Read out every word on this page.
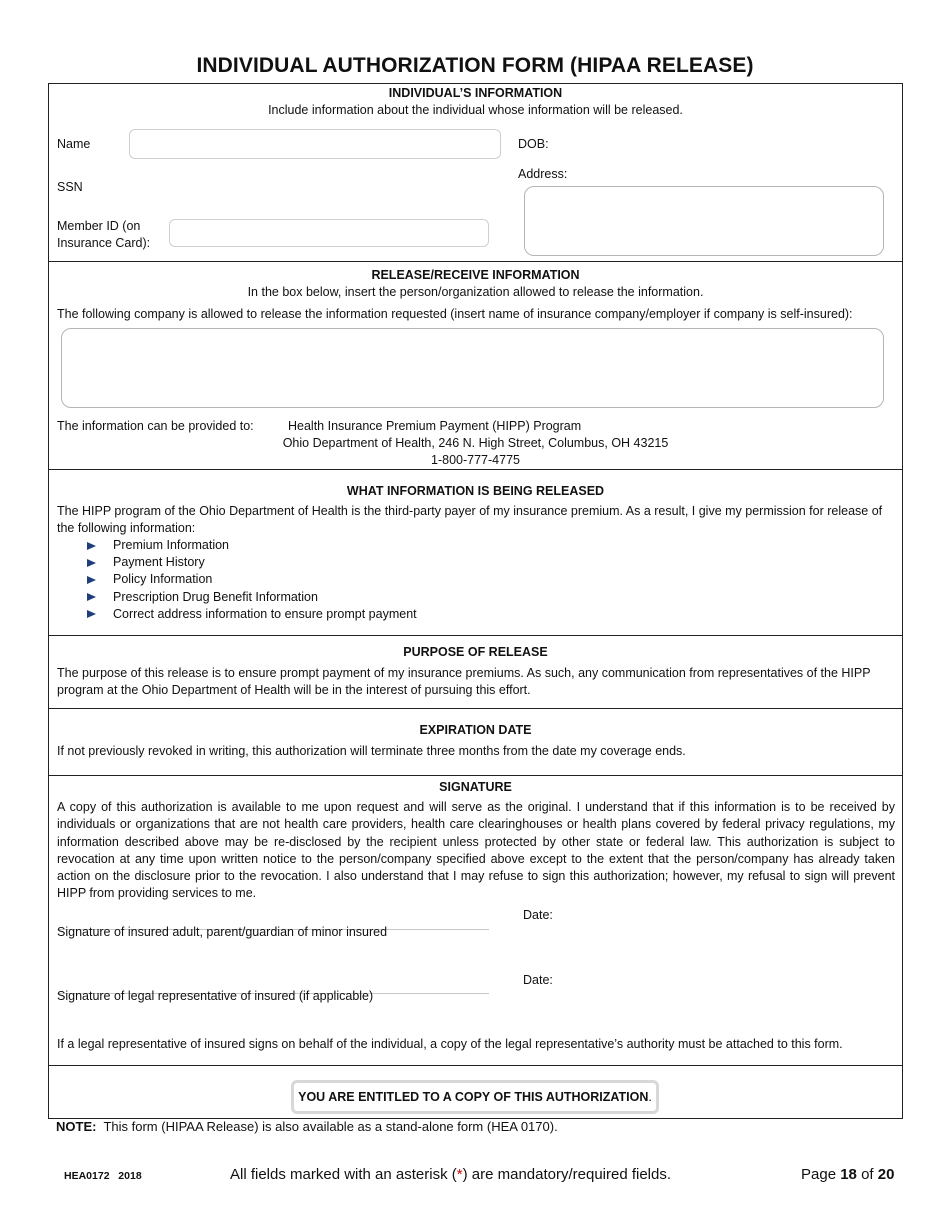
INDIVIDUAL AUTHORIZATION FORM (HIPAA RELEASE)
INDIVIDUAL’S INFORMATION
Include information about the individual whose information will be released.
Name	DOB:
Address:
SSN
Member ID (on
Insurance Card):
RELEASE/RECEIVE INFORMATION
In the box below, insert the person/organization allowed to release the information.
The following company is allowed to release the information requested (insert name of insurance company/employer if company is self-insured):
The information can be provided to:	Health Insurance Premium Payment (HIPP) Program
Ohio Department of Health, 246 N. High Street, Columbus, OH 43215
1-800-777-4775
WHAT INFORMATION IS BEING RELEASED
The HIPP program of the Ohio Department of Health is the third-party payer of my insurance premium. As a result, I give my permission for release of the following information:
Premium Information
Payment History
Policy Information
Prescription Drug Benefit Information
Correct address information to ensure prompt payment
PURPOSE OF RELEASE
The purpose of this release is to ensure prompt payment of my insurance premiums. As such, any communication from representatives of the HIPP program at the Ohio Department of Health will be in the interest of pursuing this effort.
EXPIRATION DATE
If not previously revoked in writing, this authorization will terminate three months from the date my coverage ends.
SIGNATURE
A copy of this authorization is available to me upon request and will serve as the original. I understand that if this information is to be received by individuals or organizations that are not health care providers, health care clearinghouses or health plans covered by federal privacy regulations, my information described above may be re-disclosed by the recipient unless protected by other state or federal law. This authorization is subject to revocation at any time upon written notice to the person/company specified above except to the extent that the person/company has already taken action on the disclosure prior to the revocation. I also understand that I may refuse to sign this authorization; however, my refusal to sign will prevent HIPP from providing services to me.
Date:
Signature of insured adult, parent/guardian of minor insured
Date:
Signature of legal representative of insured (if applicable)
If a legal representative of insured signs on behalf of the individual, a copy of the legal representative’s authority must be attached to this form.
YOU ARE ENTITLED TO A COPY OF THIS AUTHORIZATION.
NOTE: This form (HIPAA Release) is also available as a stand-alone form (HEA 0170).
HEA0172 2018	All fields marked with an asterisk (*) are mandatory/required fields.	Page 18 of 20
